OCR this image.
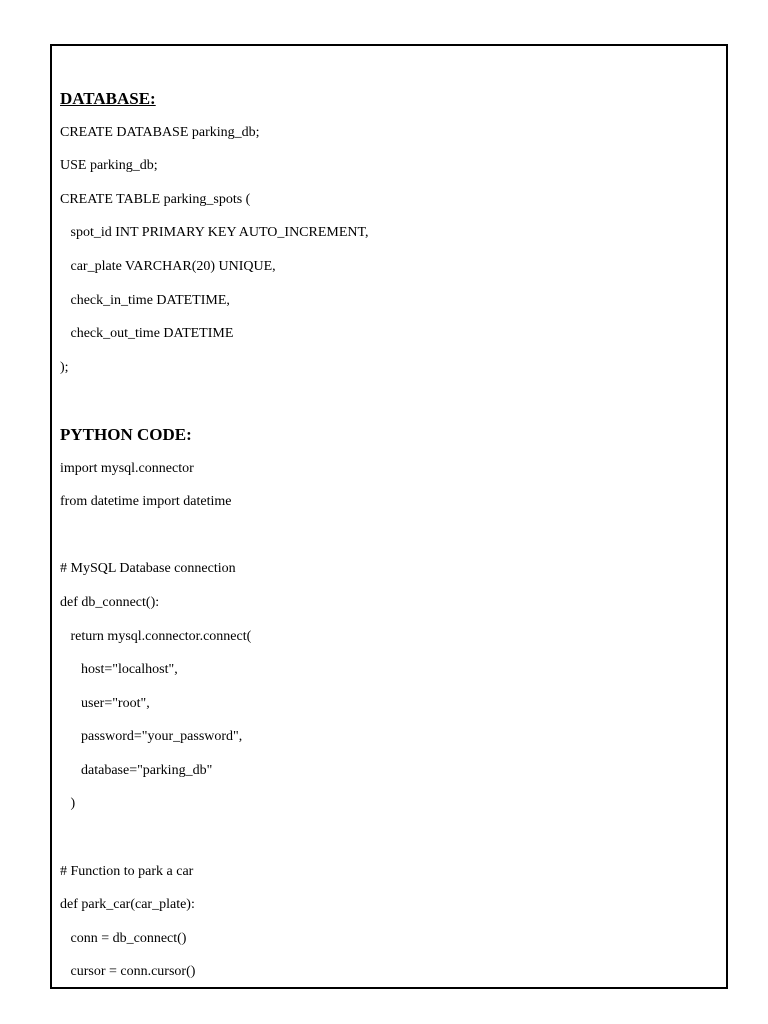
DATABASE:
CREATE DATABASE parking_db;
USE parking_db;
CREATE TABLE parking_spots (
spot_id INT PRIMARY KEY AUTO_INCREMENT,
car_plate VARCHAR(20) UNIQUE,
check_in_time DATETIME,
check_out_time DATETIME
);
PYTHON CODE:
import mysql.connector
from datetime import datetime
# MySQL Database connection
def db_connect():
return mysql.connector.connect(
host="localhost",
user="root",
password="your_password",
database="parking_db"
)
# Function to park a car
def park_car(car_plate):
conn = db_connect()
cursor = conn.cursor()
